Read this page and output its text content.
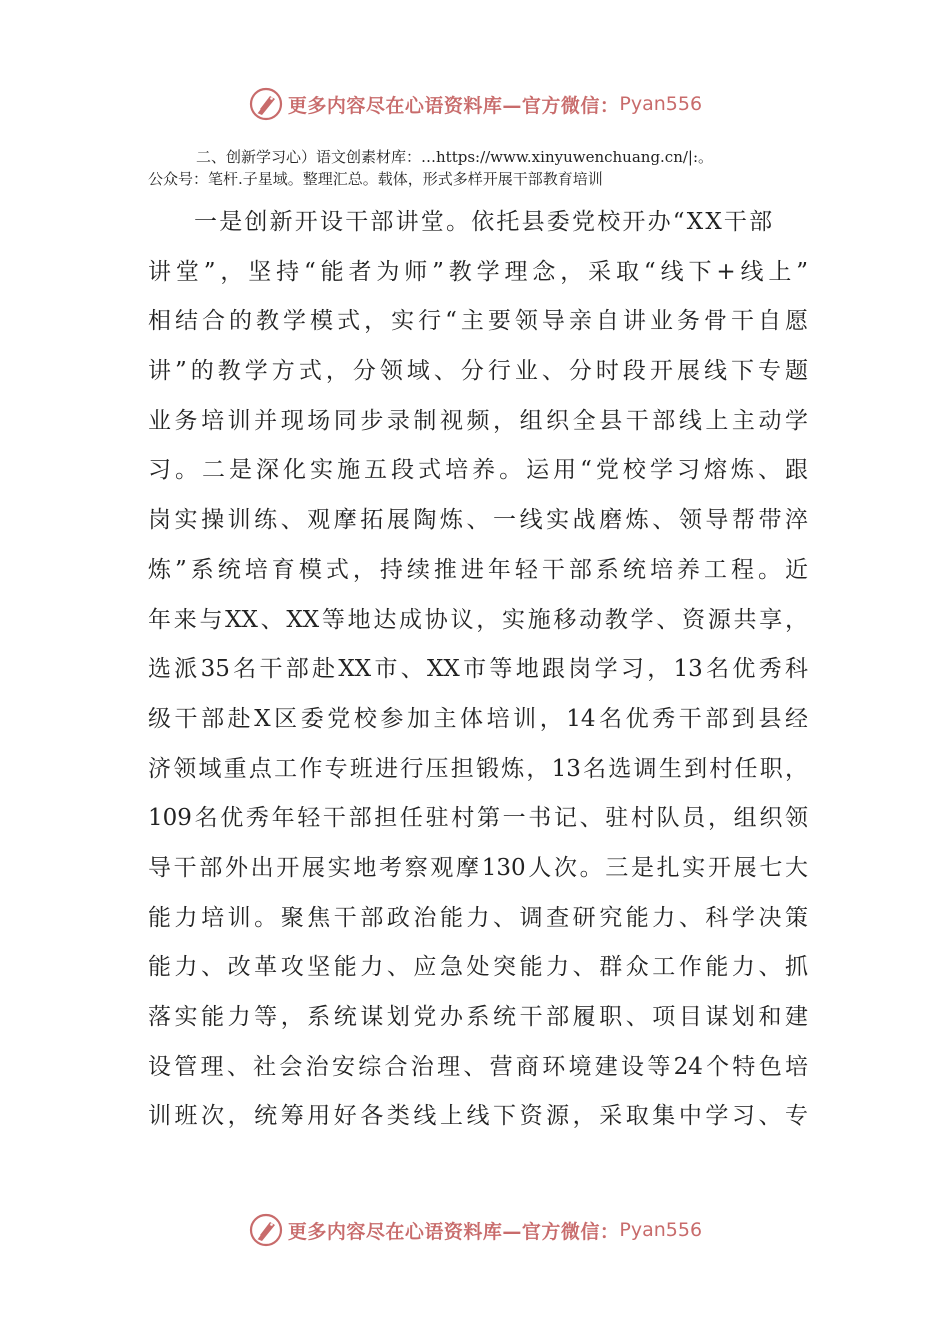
更多内容尽在心语资料库—官方微信： Pyan556
二、创新学习心）语文创素材库：…https://www.xinyuwenchuang.cn/|:。
公众号：笔杆.子星域。整理汇总。载体，形式多样开展干部教育培训
一是创新开设干部讲堂。依托县委党校开办“XX干部
讲堂”，坚持“能者为师”教学理念，采取“线下+线上”
相结合的教学模式，实行“主要领导亲自讲业务骨干自愿
讲”的教学方式，分领域、分行业、分时段开展线下专题
业务培训并现场同步录制视频，组织全县干部线上主动学
习。二是深化实施五段式培养。运用“党校学习熔炼、跟
岗实操训练、观摩拓展陶炼、一线实战磨炼、领导帮带淬
炼”系统培育模式，持续推进年轻干部系统培养工程。近
年来与XX、XX等地达成协议，实施移动教学、资源共享，
选派35名干部赴XX市、XX市等地跟岗学习，13名优秀科
级干部赴X区委党校参加主体培训，14名优秀干部到县经
济领域重点工作专班进行压担锻炼，13名选调生到村任职，
109名优秀年轻干部担任驻村第一书记、驻村队员，组织领
导干部外出开展实地考察观摩130人次。三是扎实开展七大
能力培训。聚焦干部政治能力、调查研究能力、科学决策
能力、改革攻坚能力、应急处突能力、群众工作能力、抓
落实能力等，系统谋划党办系统干部履职、项目谋划和建
设管理、社会治安综合治理、营商环境建设等24个特色培
训班次，统筹用好各类线上线下资源，采取集中学习、专
更多内容尽在心语资料库—官方微信： Pyan556
